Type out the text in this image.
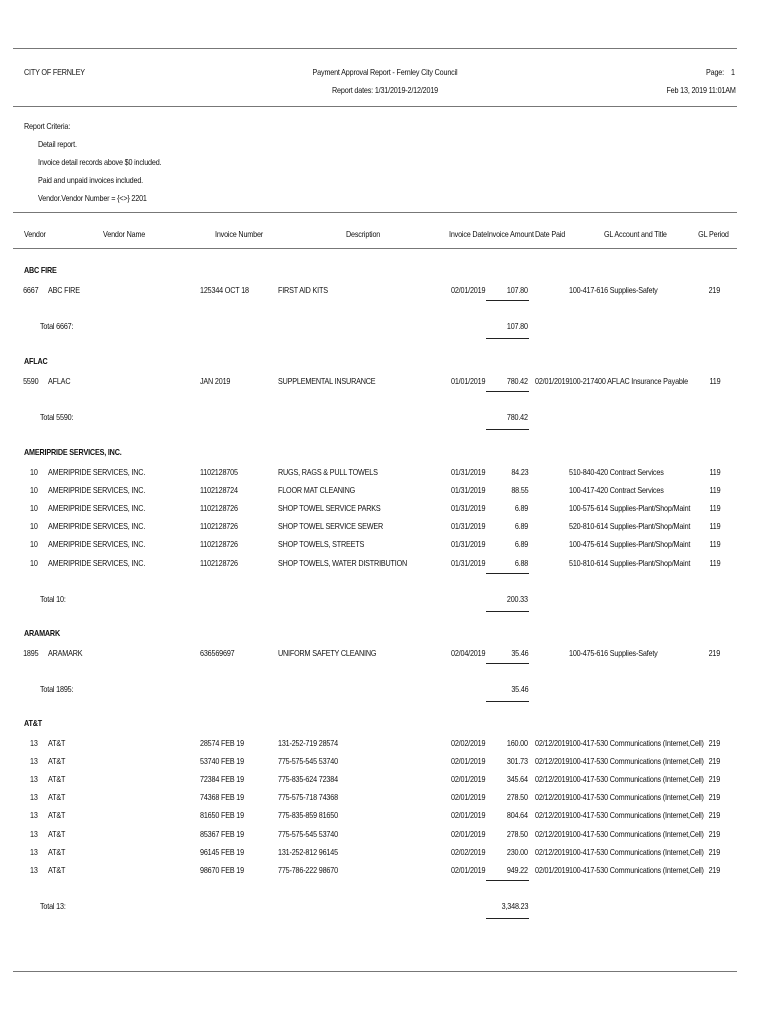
CITY OF FERNLEY	Payment Approval Report - Fernley City Council
Report dates: 1/31/2019-2/12/2019
Page: 1
Feb 13, 2019 11:01AM
Report Criteria:
Detail report.
Invoice detail records above $0 included.
Paid and unpaid invoices included.
Vendor.Vendor Number = {<>} 2201
Vendor	Vendor Name	Invoice Number	Description	Invoice Date Invoice Amount Date Paid	GL Account and Title	GL Period
ABC FIRE
6667 ABC FIRE	125344 OCT 18	FIRST AID KITS	02/01/2019	107.80	100-417-616 Supplies-Safety	219
Total 6667:	107.80
AFLAC
5590 AFLAC	JAN 2019	SUPPLEMENTAL INSURANCE	01/01/2019	780.42 02/01/2019 100-217400 AFLAC Insurance Payable	119
Total 5590:	780.42
AMERIPRIDE SERVICES, INC.
10 AMERIPRIDE SERVICES, INC.	1102128705	RUGS, RAGS & PULL TOWELS	01/31/2019	84.23	510-840-420 Contract Services	119
10 AMERIPRIDE SERVICES, INC.	1102128724	FLOOR MAT CLEANING	01/31/2019	88.55	100-417-420 Contract Services	119
10 AMERIPRIDE SERVICES, INC.	1102128726	SHOP TOWEL SERVICE PARKS	01/31/2019	6.89	100-575-614 Supplies-Plant/Shop/Maint 119
10 AMERIPRIDE SERVICES, INC.	1102128726	SHOP TOWEL SERVICE SEWER	01/31/2019	6.89	520-810-614 Supplies-Plant/Shop/Maint 119
10 AMERIPRIDE SERVICES, INC.	1102128726	SHOP TOWELS, STREETS	01/31/2019	6.89	100-475-614 Supplies-Plant/Shop/Maint 119
10 AMERIPRIDE SERVICES, INC.	1102128726	SHOP TOWELS, WATER DISTRIBUTION	01/31/2019	6.88	510-810-614 Supplies-Plant/Shop/Maint 119
Total 10:	200.33
ARAMARK
1895 ARAMARK	636569697	UNIFORM SAFETY CLEANING	02/04/2019	35.46	100-475-616 Supplies-Safety	219
Total 1895:	35.46
AT&T
13 AT&T	28574 FEB 19	131-252-719 28574	02/02/2019	160.00 02/12/2019 100-417-530 Communications (Internet,Cell) 219
13 AT&T	53740 FEB 19	775-575-545 53740	02/01/2019	301.73 02/12/2019 100-417-530 Communications (Internet,Cell) 219
13 AT&T	72384 FEB 19	775-835-624 72384	02/01/2019	345.64 02/12/2019 100-417-530 Communications (Internet,Cell) 219
13 AT&T	74368 FEB 19	775-575-718 74368	02/01/2019	278.50 02/12/2019 100-417-530 Communications (Internet,Cell) 219
13 AT&T	81650 FEB 19	775-835-859 81650	02/01/2019	804.64 02/12/2019 100-417-530 Communications (Internet,Cell) 219
13 AT&T	85367 FEB 19	775-575-545 53740	02/01/2019	278.50 02/12/2019 100-417-530 Communications (Internet,Cell) 219
13 AT&T	96145 FEB 19	131-252-812 96145	02/02/2019	230.00 02/12/2019 100-417-530 Communications (Internet,Cell) 219
13 AT&T	98670 FEB 19	775-786-222 98670	02/01/2019	949.22 02/01/2019 100-417-530 Communications (Internet,Cell) 219
Total 13:	3,348.23
